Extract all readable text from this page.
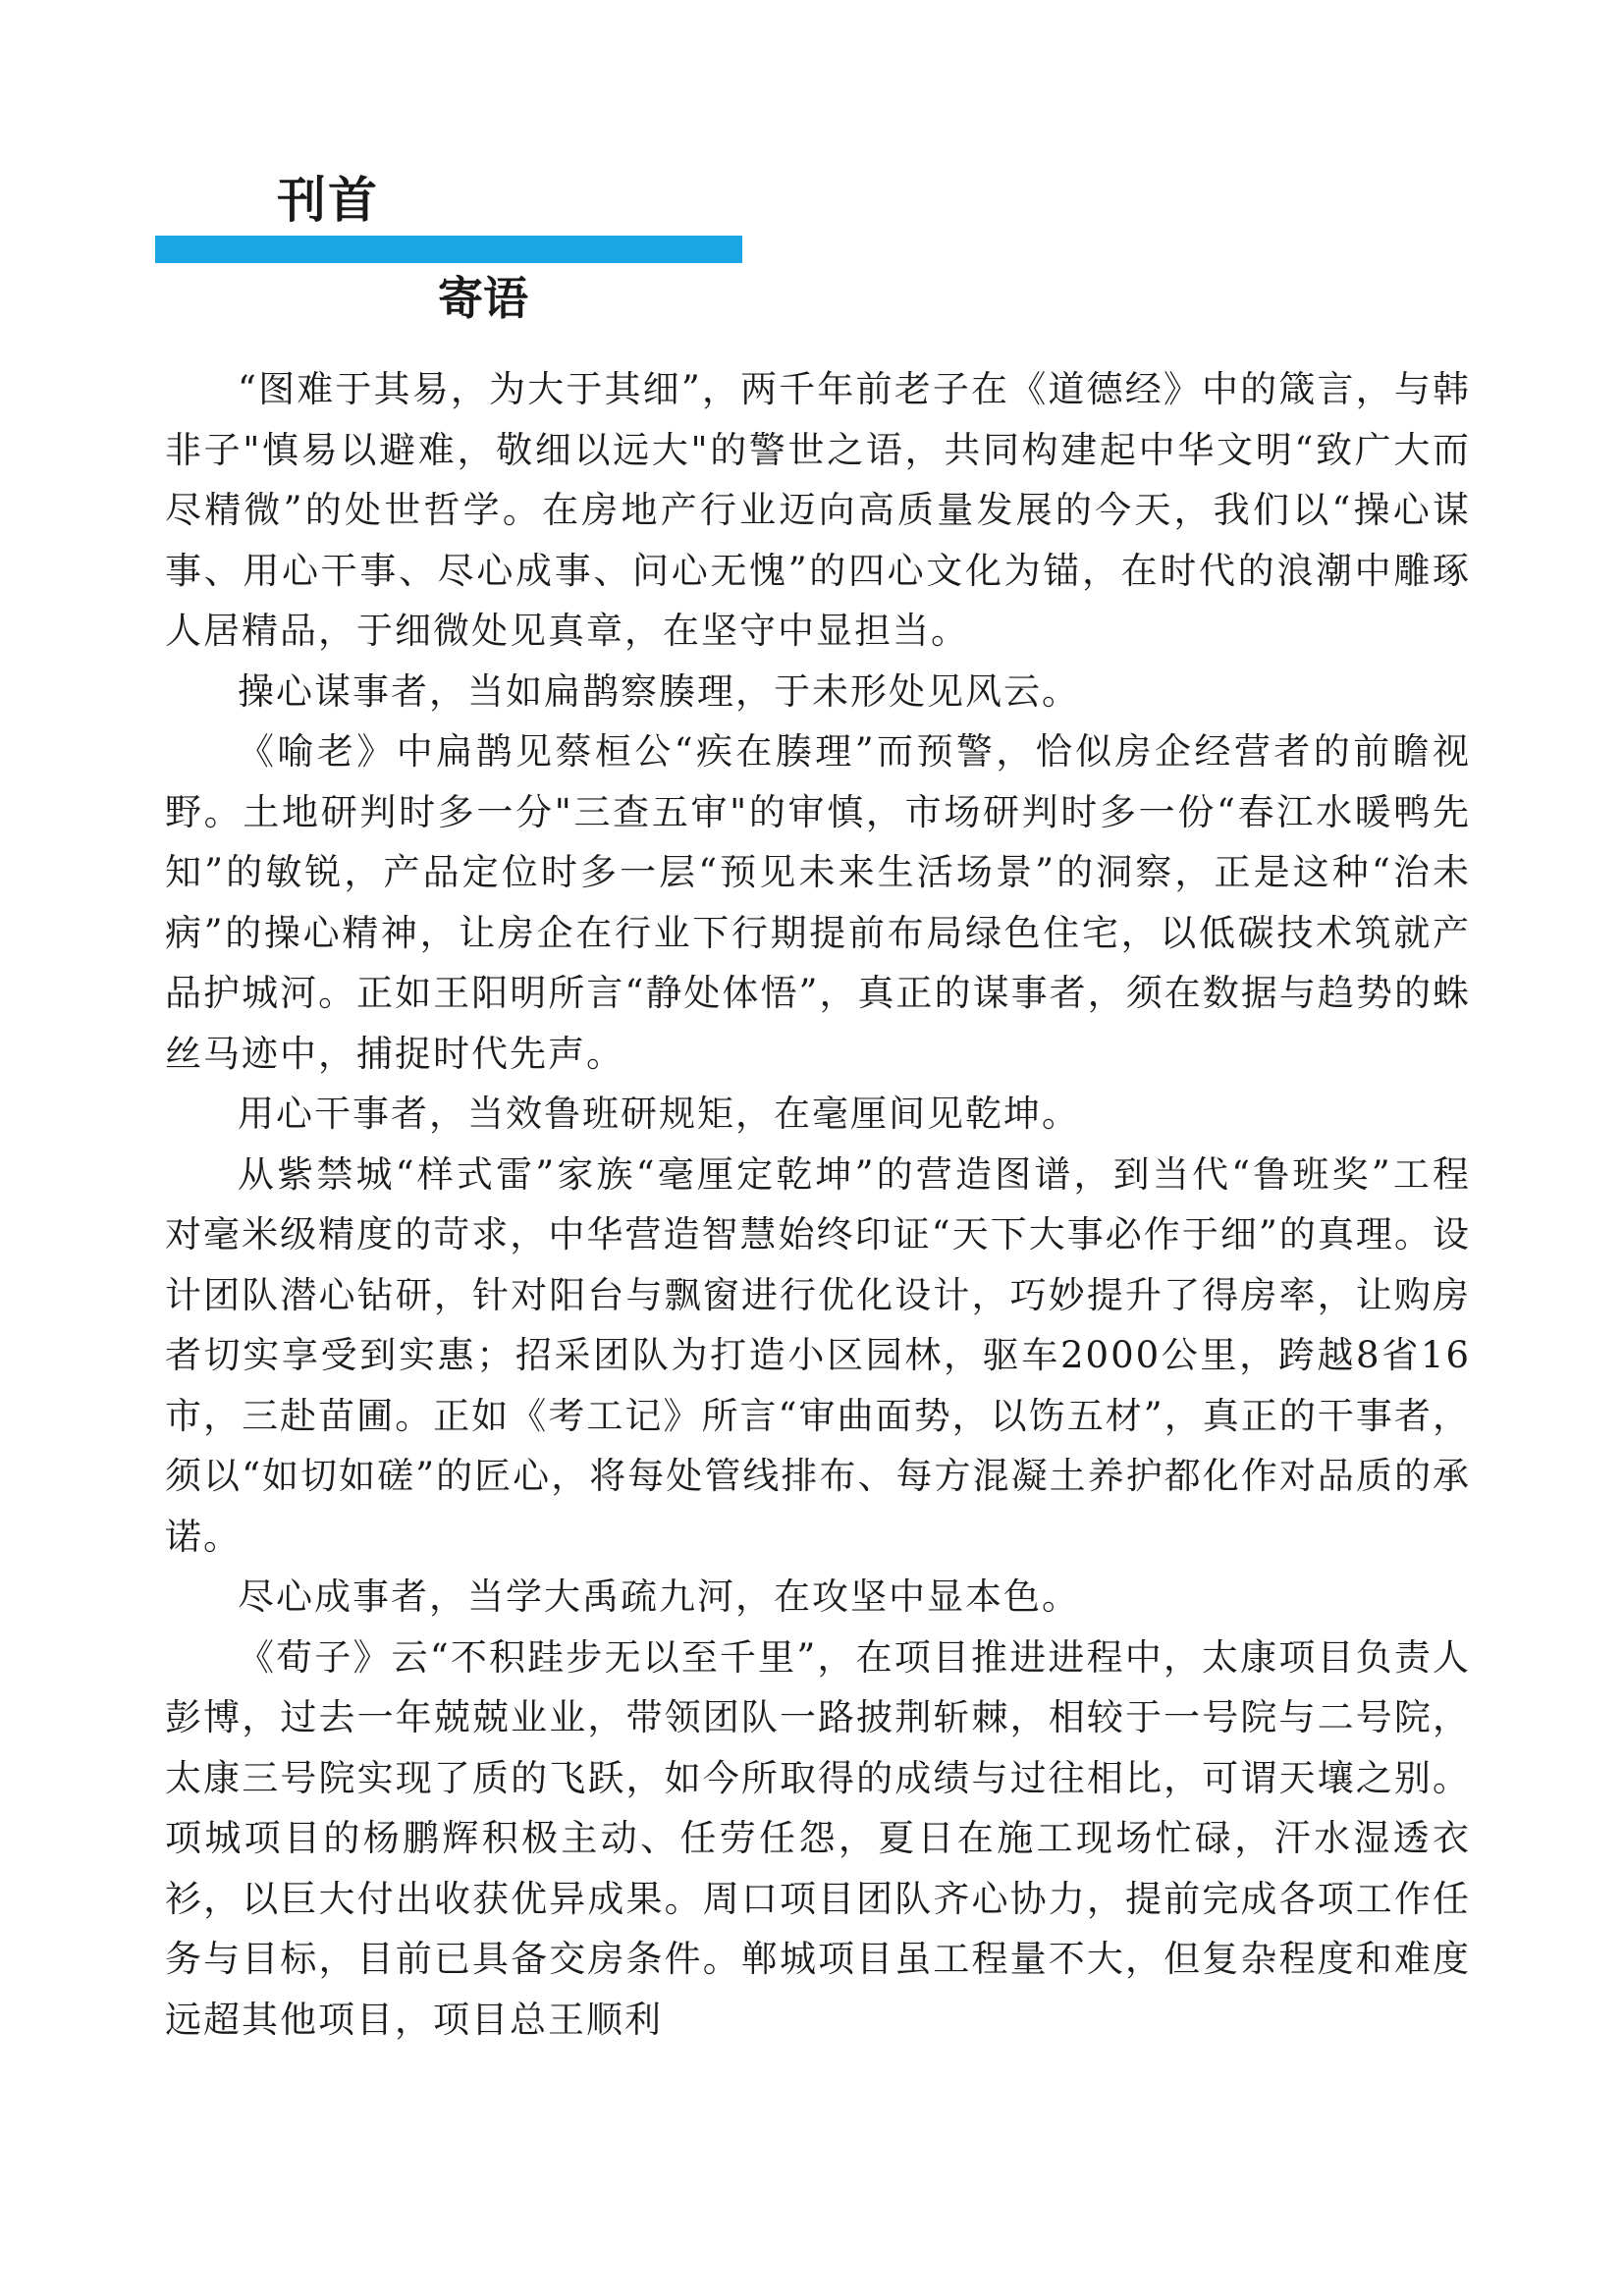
刊首
寄语

“图难于其易，为大于其细”，两千年前老子在《道德经》中的箴言，与韩非子"慎易以避难，敬细以远大"的警世之语，共同构建起中华文明“致广大而尽精微”的处世哲学。在房地产行业迈向高质量发展的今天，我们以“操心谋事、用心干事、尽心成事、问心无愧”的四心文化为锚，在时代的浪潮中雕琢人居精品，于细微处见真章，在坚守中显担当。

操心谋事者，当如扁鹊察腠理，于未形处见风云。

《喻老》中扁鹊见蔡桓公“疾在腠理”而预警，恰似房企经营者的前瞻视野。土地研判时多一分"三查五审"的审慎，市场研判时多一份“春江水暖鸭先知”的敏锐，产品定位时多一层“预见未来生活场景”的洞察，正是这种“治未病”的操心精神，让房企在行业下行期提前布局绿色住宅，以低碳技术筑就产品护城河。正如王阳明所言“静处体悟”，真正的谋事者，须在数据与趋势的蛛丝马迹中，捕捉时代先声。

用心干事者，当效鲁班研规矩，在毫厘间见乾坤。

从紫禁城“样式雷”家族“毫厘定乾坤”的营造图谱，到当代“鲁班奖”工程对毫米级精度的苛求，中华营造智慧始终印证“天下大事必作于细”的真理。设计团队潜心钻研，针对阳台与飘窗进行优化设计，巧妙提升了得房率，让购房者切实享受到实惠；招采团队为打造小区园林，驱车2000公里，跨越8省16市，三赴苗圃。正如《考工记》所言“审曲面势，以饬五材”，真正的干事者，须以“如切如磋”的匠心，将每处管线排布、每方混凝土养护都化作对品质的承诺。

尽心成事者，当学大禹疏九河，在攻坚中显本色。

《荀子》云“不积跬步无以至千里”，在项目推进进程中，太康项目负责人彭博，过去一年兢兢业业，带领团队一路披荆斩棘，相较于一号院与二号院，太康三号院实现了质的飞跃，如今所取得的成绩与过往相比，可谓天壤之别。项城项目的杨鹏辉积极主动、任劳任怨，夏日在施工现场忙碌，汗水湿透衣衫，以巨大付出收获优异成果。周口项目团队齐心协力，提前完成各项工作任务与目标，目前已具备交房条件。郸城项目虽工程量不大，但复杂程度和难度远超其他项目，项目总王顺利
